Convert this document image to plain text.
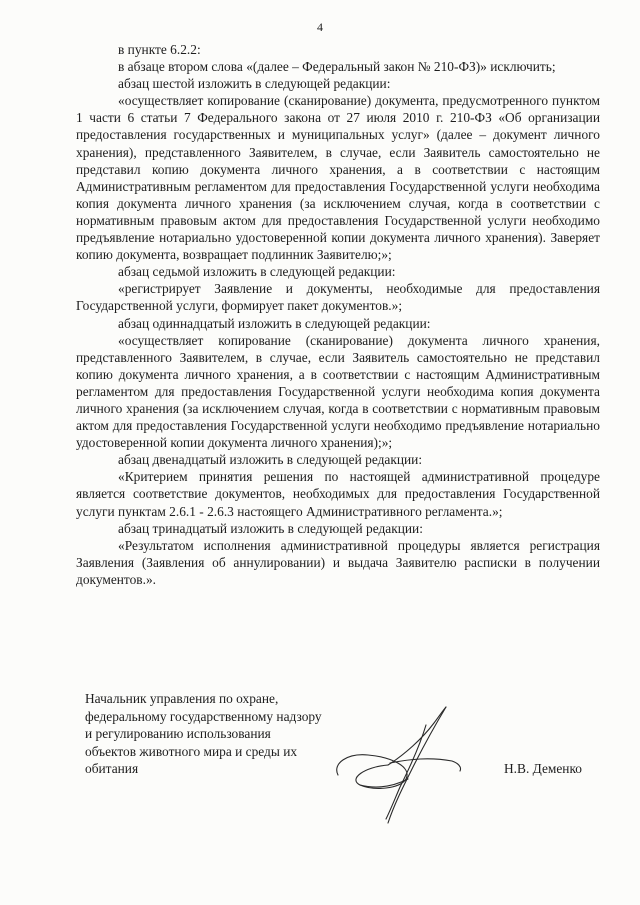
4

в пункте 6.2.2:

в абзаце втором слова «(далее – Федеральный закон № 210-ФЗ)» исключить;

абзац шестой изложить в следующей редакции:

«осуществляет копирование (сканирование) документа, предусмотренного пунктом 1 части 6 статьи 7 Федерального закона от 27 июля 2010 г. 210-ФЗ «Об организации предоставления государственных и муниципальных услуг» (далее – документ личного хранения), представленного Заявителем, в случае, если Заявитель самостоятельно не представил копию документа личного хранения, а в соответствии с настоящим Административным регламентом для предоставления Государственной услуги необходима копия документа личного хранения (за исключением случая, когда в соответствии с нормативным правовым актом для предоставления Государственной услуги необходимо предъявление нотариально удостоверенной копии документа личного хранения). Заверяет копию документа, возвращает подлинник Заявителю;»;

абзац седьмой изложить в следующей редакции:

«регистрирует Заявление и документы, необходимые для предоставления Государственной услуги, формирует пакет документов.»;

абзац одиннадцатый изложить в следующей редакции:

«осуществляет копирование (сканирование) документа личного хранения, представленного Заявителем, в случае, если Заявитель самостоятельно не представил копию документа личного хранения, а в соответствии с настоящим Административным регламентом для предоставления Государственной услуги необходима копия документа личного хранения (за исключением случая, когда в соответствии с нормативным правовым актом для предоставления Государственной услуги необходимо предъявление нотариально удостоверенной копии документа личного хранения);»;

абзац двенадцатый изложить в следующей редакции:

«Критерием принятия решения по настоящей административной процедуре является соответствие документов, необходимых для предоставления Государственной услуги пунктам 2.6.1 - 2.6.3 настоящего Административного регламента.»;

абзац тринадцатый изложить в следующей редакции:

«Результатом исполнения административной процедуры является регистрация Заявления (Заявления об аннулировании) и выдача Заявителю расписки в получении документов.».

Начальник управления по охране, федеральному государственному надзору и регулированию использования объектов животного мира и среды их обитания	Н.В. Деменко
